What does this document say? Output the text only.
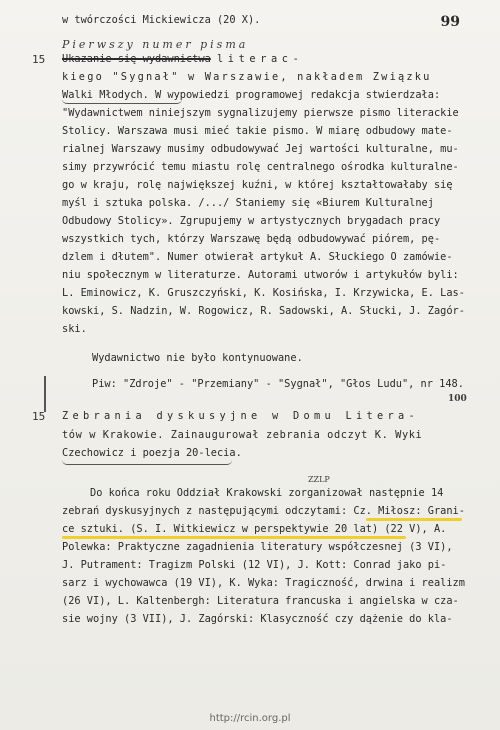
w twórczości Mickiewicza (20 X).	99
Pierwszy numer pisma
15 Ukazanie się wydawnictwa literac-
kiego "Sygnał" w Warszawie, nakładem Związku
Walki Młodych. W wypowiedzi programowej redakcja stwierdzała:
"Wydawnictwem niniejszym sygnalizujemy pierwsze pismo literackie
Stolicy. Warszawa musi mieć takie pismo. W miarę odbudowy mate-
rialnej Warszawy musimy odbudowywać Jej wartości kulturalne, mu-
simy przywrócić temu miastu rolę centralnego ośrodka kulturalne-
go w kraju, rolę największej kuźni, w której kształtowałaby się
myśl i sztuka polska. /.../ Staniemy się «Biurem Kulturalnej
Odbudowy Stolicy». Zgrupujemy w artystycznych brygadach pracy
wszystkich tych, którzy Warszawę będą odbudowywać piórem, pę-
dzlem i dłutem". Numer otwierał artykuł A. Słuckiego O zamówie-
niu społecznym w literaturze. Autorami utworów i artykułów byli:
L. Eminowicz, K. Gruszczyński, K. Kosińska, I. Krzywicka, E. Las-
kowski, S. Nadzin, W. Rogowicz, R. Sadowski, A. Słucki, J. Zagór-
ski.
Wydawnictwo nie było kontynuowane.
Piw: "Zdroje" - "Przemiany" - "Sygnał", "Głos Ludu", nr 148.
100
15 Zebrania dyskusyjne w Domu Litera-
tów w Krakowie. Zainaugurował zebrania odczyt K. Wyki
Czechowicz i poezja 20-lecia.
ZZLP
Do końca roku Oddział Krakowski zorganizował następnie 14
zebrań dyskusyjnych z następującymi odczytami: Cz. Miłosz: Grani-
ce sztuki. (S. I. Witkiewicz w perspektywie 20 lat) (22 V), A.
Polewka: Praktyczne zagadnienia literatury współczesnej (3 VI),
J. Putrament: Tragizm Polski (12 VI), J. Kott: Conrad jako pi-
sarz i wychowawca (19 VI), K. Wyka: Tragiczność, drwina i realizm
(26 VI), L. Kaltenbergh: Literatura francuska i angielska w cza-
sie wojny (3 VII), J. Zagórski: Klasyczność czy dążenie do kla-
http://rcin.org.pl
